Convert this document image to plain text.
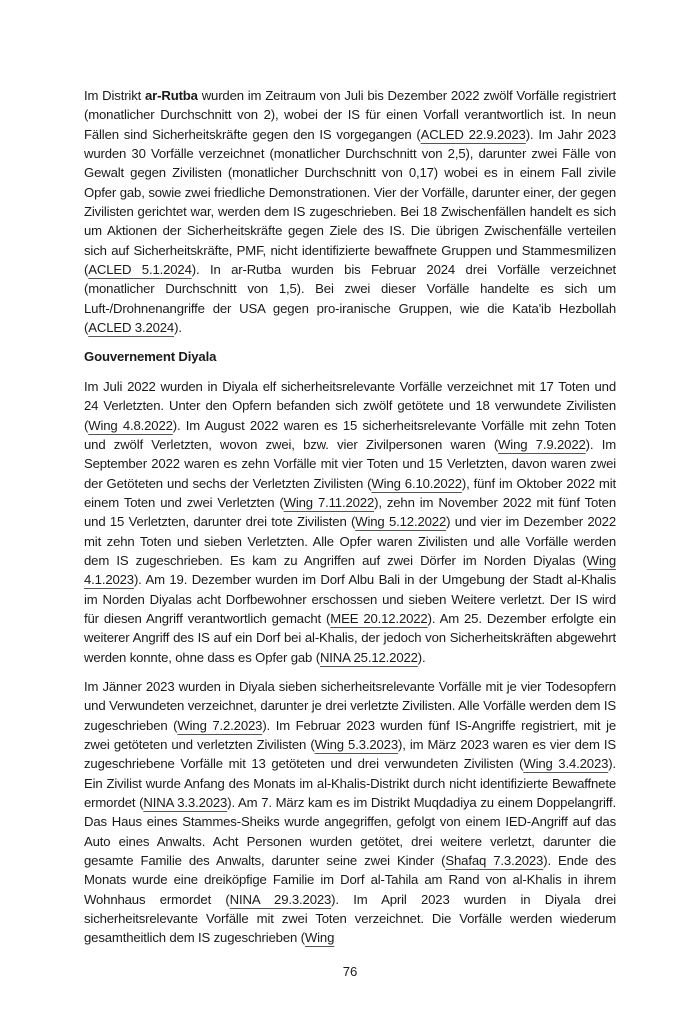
Im Distrikt ar-Rutba wurden im Zeitraum von Juli bis Dezember 2022 zwölf Vorfälle registriert (monatlicher Durchschnitt von 2), wobei der IS für einen Vorfall verantwortlich ist. In neun Fällen sind Sicherheitskräfte gegen den IS vorgegangen (ACLED 22.9.2023). Im Jahr 2023 wurden 30 Vorfälle verzeichnet (monatlicher Durchschnitt von 2,5), darunter zwei Fälle von Gewalt gegen Zivilisten (monatlicher Durchschnitt von 0,17) wobei es in einem Fall zivile Opfer gab, sowie zwei friedliche Demonstrationen. Vier der Vorfälle, darunter einer, der gegen Zivilisten gerichtet war, werden dem IS zugeschrieben. Bei 18 Zwischenfällen handelt es sich um Aktionen der Sicherheitskräfte gegen Ziele des IS. Die übrigen Zwischenfälle verteilen sich auf Sicherheitskräfte, PMF, nicht identifizierte bewaffnete Gruppen und Stammesmilizen (ACLED 5.1.2024). In ar-Rutba wurden bis Februar 2024 drei Vorfälle verzeichnet (monatlicher Durchschnitt von 1,5). Bei zwei dieser Vorfälle handelte es sich um Luft-/Drohnenangriffe der USA gegen pro-iranische Gruppen, wie die Kata'ib Hezbollah (ACLED 3.2024).

Gouvernement Diyala

Im Juli 2022 wurden in Diyala elf sicherheitsrelevante Vorfälle verzeichnet mit 17 Toten und 24 Verletzten. Unter den Opfern befanden sich zwölf getötete und 18 verwundete Zivilisten (Wing 4.8.2022). Im August 2022 waren es 15 sicherheitsrelevante Vorfälle mit zehn Toten und zwölf Verletzten, wovon zwei, bzw. vier Zivilpersonen waren (Wing 7.9.2022). Im September 2022 waren es zehn Vorfälle mit vier Toten und 15 Verletzten, davon waren zwei der Getöteten und sechs der Verletzten Zivilisten (Wing 6.10.2022), fünf im Oktober 2022 mit einem Toten und zwei Verletzten (Wing 7.11.2022), zehn im November 2022 mit fünf Toten und 15 Verletzten, darunter drei tote Zivilisten (Wing 5.12.2022) und vier im Dezember 2022 mit zehn Toten und sieben Verletzten. Alle Opfer waren Zivilisten und alle Vorfälle werden dem IS zugeschrieben. Es kam zu Angriffen auf zwei Dörfer im Norden Diyalas (Wing 4.1.2023). Am 19. Dezember wurden im Dorf Albu Bali in der Umgebung der Stadt al-Khalis im Norden Diyalas acht Dorfbewohner erschossen und sieben Weitere verletzt. Der IS wird für diesen Angriff verantwortlich gemacht (MEE 20.12.2022). Am 25. Dezember erfolgte ein weiterer Angriff des IS auf ein Dorf bei al-Khalis, der jedoch von Sicherheitskräften abgewehrt werden konnte, ohne dass es Opfer gab (NINA 25.12.2022).

Im Jänner 2023 wurden in Diyala sieben sicherheitsrelevante Vorfälle mit je vier Todesopfern und Verwundeten verzeichnet, darunter je drei verletzte Zivilisten. Alle Vorfälle werden dem IS zugeschrieben (Wing 7.2.2023). Im Februar 2023 wurden fünf IS-Angriffe registriert, mit je zwei getöteten und verletzten Zivilisten (Wing 5.3.2023), im März 2023 waren es vier dem IS zugeschriebene Vorfälle mit 13 getöteten und drei verwundeten Zivilisten (Wing 3.4.2023). Ein Zivilist wurde Anfang des Monats im al-Khalis-Distrikt durch nicht identifizierte Bewaffnete ermordet (NINA 3.3.2023). Am 7. März kam es im Distrikt Muqdadiya zu einem Doppelangriff. Das Haus eines Stammes-Sheiks wurde angegriffen, gefolgt von einem IED-Angriff auf das Auto eines Anwalts. Acht Personen wurden getötet, drei weitere verletzt, darunter die gesamte Familie des Anwalts, darunter seine zwei Kinder (Shafaq 7.3.2023). Ende des Monats wurde eine dreiköpfige Familie im Dorf al-Tahila am Rand von al-Khalis in ihrem Wohnhaus ermordet (NINA 29.3.2023). Im April 2023 wurden in Diyala drei sicherheitsrelevante Vorfälle mit zwei Toten verzeichnet. Die Vorfälle werden wiederum gesamtheitlich dem IS zugeschrieben (Wing

76
